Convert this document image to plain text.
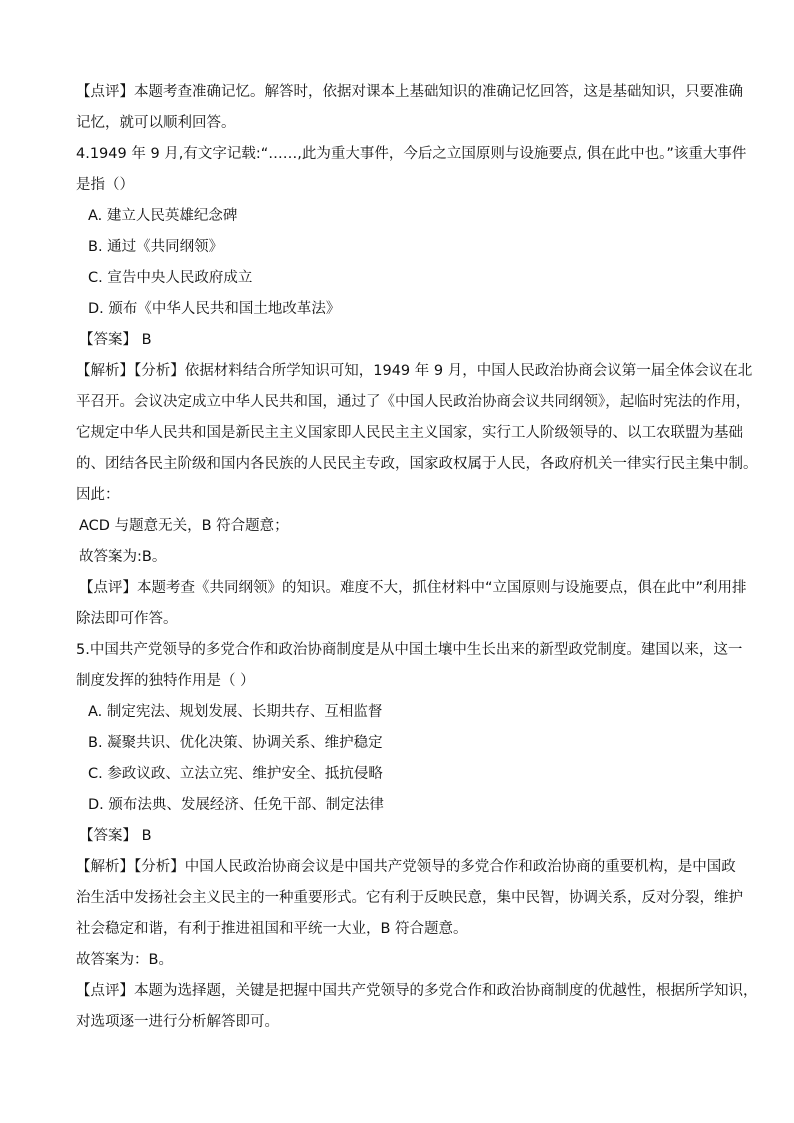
【点评】本题考查准确记忆。解答时，依据对课本上基础知识的准确记忆回答，这是基础知识，只要准确

记忆，就可以顺利回答。

4.1949 年 9 月,有文字记载:“……,此为重大事件，今后之立国原则与设施要点, 俱在此中也。”该重大事件

是指（）

A. 建立人民英雄纪念碑

B. 通过《共同纲领》

C. 宣告中央人民政府成立

D. 颁布《中华人民共和国土地改革法》

【答案】 B

【解析】【分析】依据材料结合所学知识可知，1949 年 9 月，中国人民政治协商会议第一届全体会议在北

平召开。会议决定成立中华人民共和国，通过了《中国人民政治协商会议共同纲领》，起临时宪法的作用，

它规定中华人民共和国是新民主主义国家即人民民主主义国家，实行工人阶级领导的、以工农联盟为基础

的、团结各民主阶级和国内各民族的人民民主专政，国家政权属于人民，各政府机关一律实行民主集中制。

因此：

ACD 与题意无关，B 符合题意；

故答案为:B。

【点评】本题考查《共同纲领》的知识。难度不大，抓住材料中“立国原则与设施要点，俱在此中”利用排

除法即可作答。

5.中国共产党领导的多党合作和政治协商制度是从中国土壤中生长出来的新型政党制度。建国以来，这一

制度发挥的独特作用是（ ）

A. 制定宪法、规划发展、长期共存、互相监督

B. 凝聚共识、优化决策、协调关系、维护稳定

C. 参政议政、立法立宪、维护安全、抵抗侵略

D. 颁布法典、发展经济、任免干部、制定法律

【答案】 B

【解析】【分析】中国人民政治协商会议是中国共产党领导的多党合作和政治协商的重要机构，是中国政

治生活中发扬社会主义民主的一种重要形式。它有利于反映民意，集中民智，协调关系，反对分裂，维护

社会稳定和谐，有利于推进祖国和平统一大业，B 符合题意。

故答案为：B。

【点评】本题为选择题，关键是把握中国共产党领导的多党合作和政治协商制度的优越性，根据所学知识，

对选项逐一进行分析解答即可。
